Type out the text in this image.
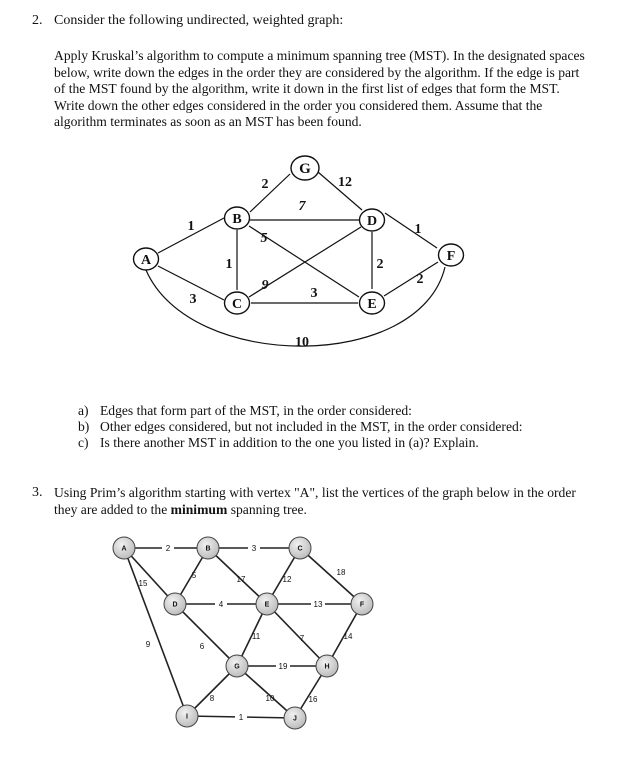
2. Consider the following undirected, weighted graph:
Apply Kruskal’s algorithm to compute a minimum spanning tree (MST). In the designated spaces
below, write down the edges in the order they are considered by the algorithm. If the edge is part
of the MST found by the algorithm, write it down in the first list of edges that form the MST.
Write down the other edges considered in the order you considered them. Assume that the
algorithm terminates as soon as an MST has been found.
A
B
C
D
E
F
G
1
3
1
2	12
7
5
9
3
1
2
2
10
a) Edges that form part of the MST, in the order considered:
b) Other edges considered, but not included in the MST, in the order considered:
c) Is there another MST in addition to the one you listed in (a)? Explain.
3. Using Prim’s algorithm starting with vertex "A", list the vertices of the graph below in the order
they are added to the minimum spanning tree.
A	B	C
D	E	F
G	H
I	J
2	3
15
5	17	12
18
4	13
9	6
11	7	14
19
8	10	16
1
